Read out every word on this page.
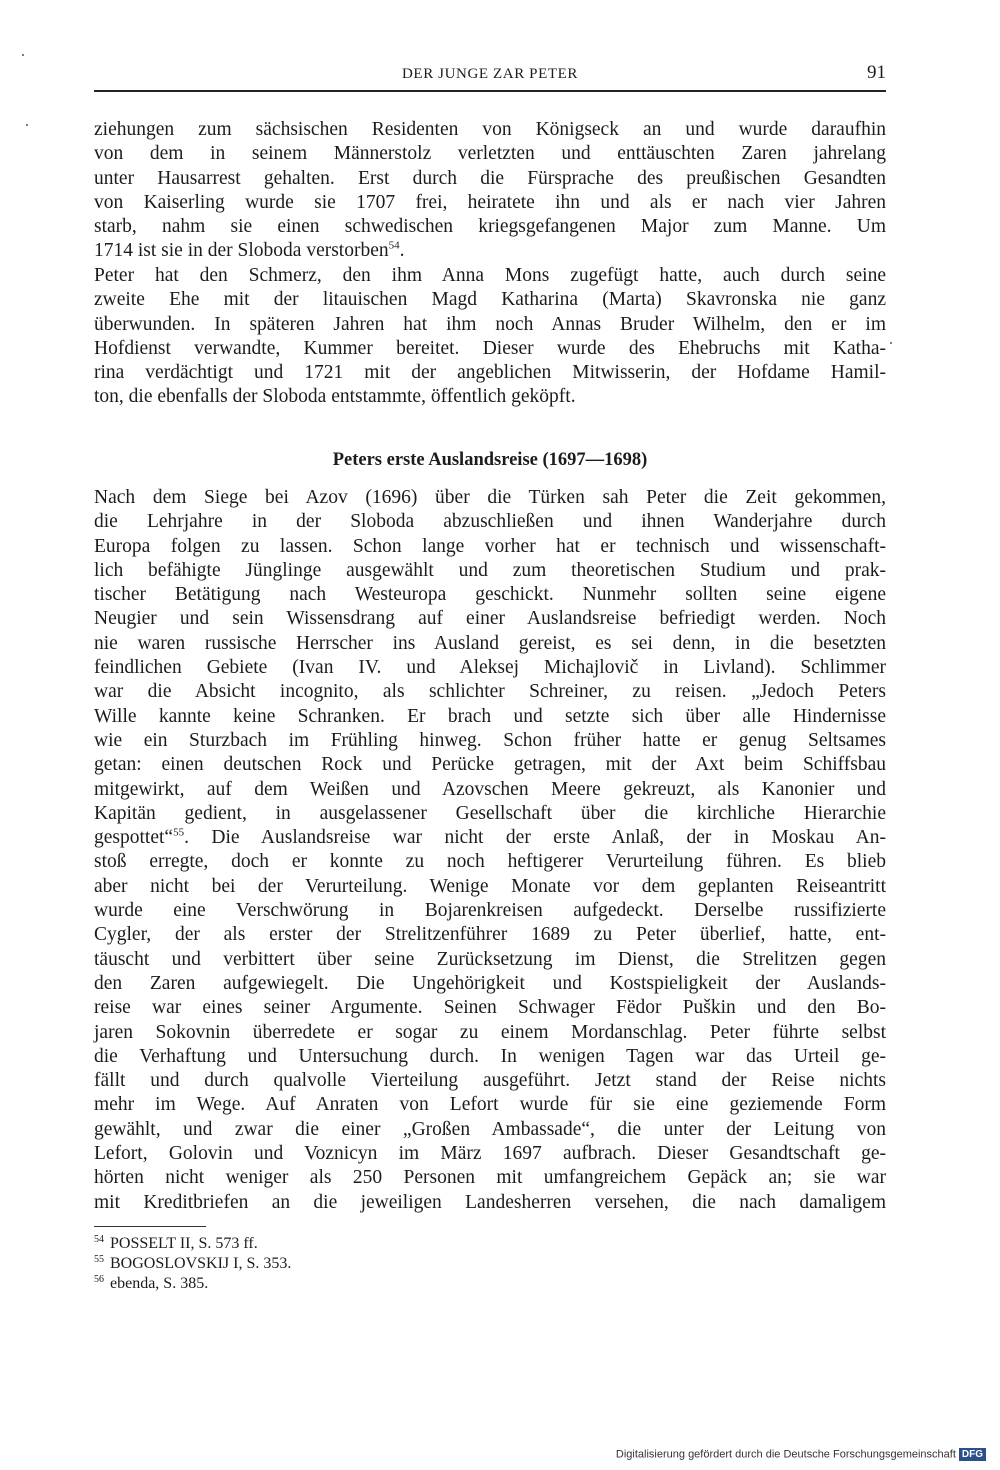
DER JUNGE ZAR PETER	91
ziehungen zum sächsischen Residenten von Königseck an und wurde daraufhin
von dem in seinem Männerstolz verletzten und enttäuschten Zaren jahrelang
unter Hausarrest gehalten. Erst durch die Fürsprache des preußischen Gesandten
von Kaiserling wurde sie 1707 frei, heiratete ihn und als er nach vier Jahren
starb, nahm sie einen schwedischen kriegsgefangenen Major zum Manne. Um
1714 ist sie in der Sloboda verstorben$^{54}$.
Peter hat den Schmerz, den ihm Anna Mons zugefügt hatte, auch durch seine
zweite Ehe mit der litauischen Magd Katharina (Marta) Skavronska nie ganz
überwunden. In späteren Jahren hat ihm noch Annas Bruder Wilhelm, den er im
Hofdienst verwandte, Kummer bereitet. Dieser wurde des Ehebruchs mit Katha-
rina verdächtigt und 1721 mit der angeblichen Mitwisserin, der Hofdame Hamil-
ton, die ebenfalls der Sloboda entstammte, öffentlich geköpft.
Peters erste Auslandsreise (1697—1698)
Nach dem Siege bei Azov (1696) über die Türken sah Peter die Zeit gekommen,
die Lehrjahre in der Sloboda abzuschließen und ihnen Wanderjahre durch
Europa folgen zu lassen. Schon lange vorher hat er technisch und wissenschaft-
lich befähigte Jünglinge ausgewählt und zum theoretischen Studium und prak-
tischer Betätigung nach Westeuropa geschickt. Nunmehr sollten seine eigene
Neugier und sein Wissensdrang auf einer Auslandsreise befriedigt werden. Noch
nie waren russische Herrscher ins Ausland gereist, es sei denn, in die besetzten
feindlichen Gebiete (Ivan IV. und Aleksej Michajlovič in Livland). Schlimmer
war die Absicht incognito, als schlichter Schreiner, zu reisen. „Jedoch Peters
Wille kannte keine Schranken. Er brach und setzte sich über alle Hindernisse
wie ein Sturzbach im Frühling hinweg. Schon früher hatte er genug Seltsames
getan: einen deutschen Rock und Perücke getragen, mit der Axt beim Schiffsbau
mitgewirkt, auf dem Weißen und Azovschen Meere gekreuzt, als Kanonier und
Kapitän gedient, in ausgelassener Gesellschaft über die kirchliche Hierarchie
gespottet“$^{55}$. Die Auslandsreise war nicht der erste Anlaß, der in Moskau An-
stoß erregte, doch er konnte zu noch heftigerer Verurteilung führen. Es blieb
aber nicht bei der Verurteilung. Wenige Monate vor dem geplanten Reiseantritt
wurde eine Verschwörung in Bojarenkreisen aufgedeckt. Derselbe russifizierte
Cygler, der als erster der Strelitzenführer 1689 zu Peter überlief, hatte, ent-
täuscht und verbittert über seine Zurücksetzung im Dienst, die Strelitzen gegen
den Zaren aufgewiegelt. Die Ungehörigkeit und Kostspieligkeit der Auslands-
reise war eines seiner Argumente. Seinen Schwager Fëdor Puškin und den Bo-
jaren Sokovnin überredete er sogar zu einem Mordanschlag. Peter führte selbst
die Verhaftung und Untersuchung durch. In wenigen Tagen war das Urteil ge-
fällt und durch qualvolle Vierteilung ausgeführt. Jetzt stand der Reise nichts
mehr im Wege. Auf Anraten von Lefort wurde für sie eine geziemende Form
gewählt, und zwar die einer „Großen Ambassade“, die unter der Leitung von
Lefort, Golovin und Voznicyn im März 1697 aufbrach. Dieser Gesandtschaft ge-
hörten nicht weniger als 250 Personen mit umfangreichem Gepäck an; sie war
mit Kreditbriefen an die jeweiligen Landesherren versehen, die nach damaligem
$^{54}$ POSSELT II, S. 573 ff.
$^{55}$ BOGOSLOVSKIJ I, S. 353.
$^{56}$ ebenda, S. 385.
Digitalisierung gefördert durch die Deutsche Forschungsgemeinschaft DFG
